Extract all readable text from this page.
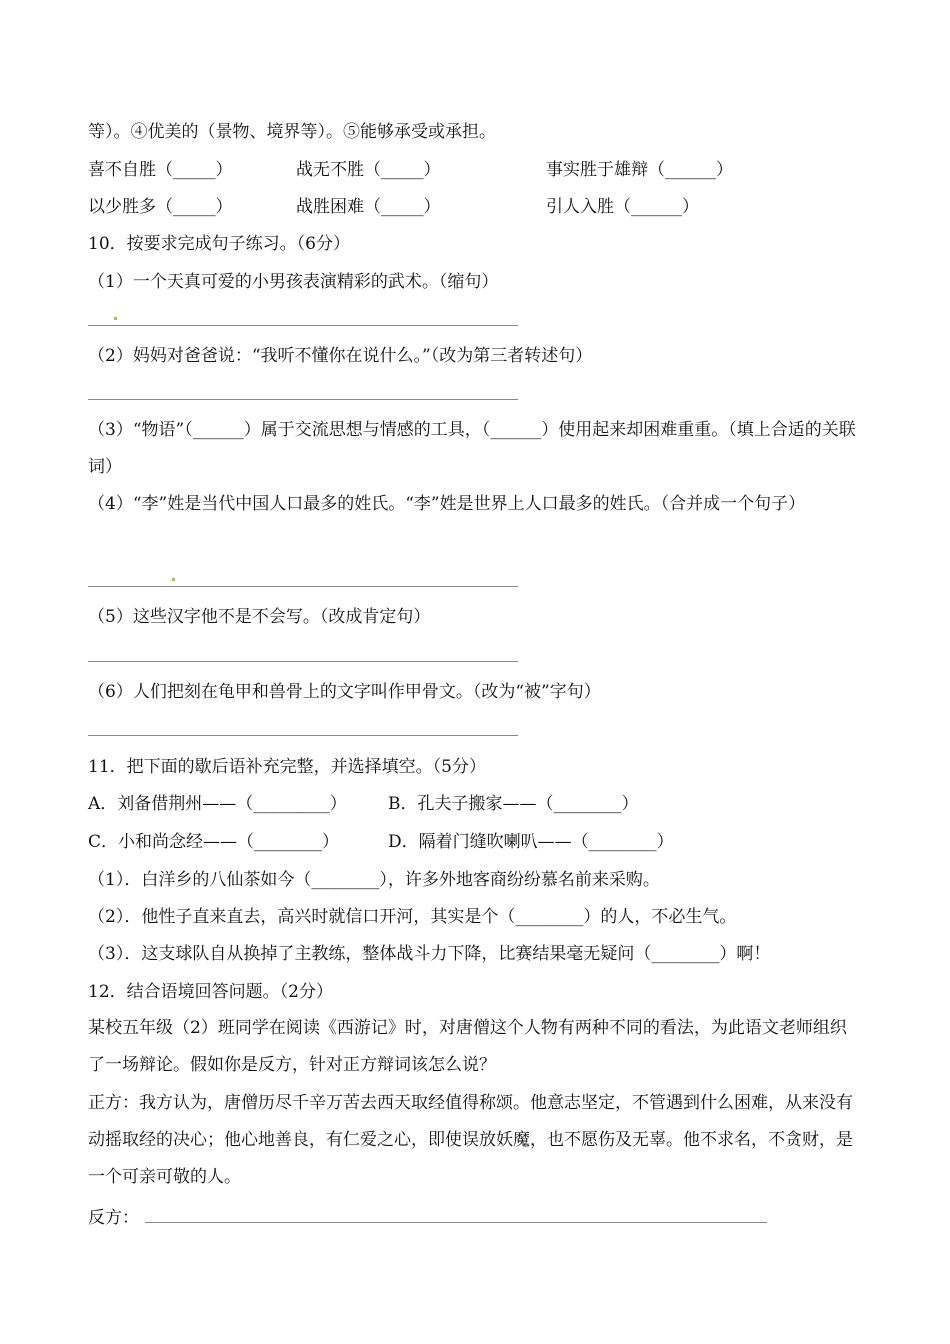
等）。④优美的（景物、境界等）。⑤能够承受或承担。
喜不自胜（_____）	战无不胜（_____）	事实胜于雄辩（______）
以少胜多（_____）	战胜困难（_____）	引人入胜（______）
10．按要求完成句子练习。（6分）
（1）一个天真可爱的小男孩表演精彩的武术。（缩句）
（2）妈妈对爸爸说：“我听不懂你在说什么。”（改为第三者转述句）
（3）“物语”（______）属于交流思想与情感的工具，（______）使用起来却困难重重。（填上合适的关联词）
（4）“李”姓是当代中国人口最多的姓氏。“李”姓是世界上人口最多的姓氏。（合并成一个句子）
（5）这些汉字他不是不会写。（改成肯定句）
（6）人们把刻在龟甲和兽骨上的文字叫作甲骨文。（改为“被”字句）
11．把下面的歇后语补充完整，并选择填空。（5分）
A．刘备借荆州——（_________） B．孔夫子搬家——（________）
C．小和尚念经——（________）	D．隔着门缝吹喇叭——（________）
（1）．白洋乡的八仙茶如今（________），许多外地客商纷纷慕名前来采购。
（2）．他性子直来直去，高兴时就信口开河，其实是个（________）的人，不必生气。
（3）．这支球队自从换掉了主教练，整体战斗力下降，比赛结果毫无疑问（________）啊！
12．结合语境回答问题。（2分）
某校五年级（2）班同学在阅读《西游记》时，对唐僧这个人物有两种不同的看法，为此语文老师组织了一场辩论。假如你是反方，针对正方辩词该怎么说？
正方：我方认为，唐僧历尽千辛万苦去西天取经值得称颂。他意志坚定，不管遇到什么困难，从来没有动摇取经的决心；他心地善良，有仁爱之心，即使误放妖魔，也不愿伤及无辜。他不求名，不贪财，是一个可亲可敬的人。
反方：
